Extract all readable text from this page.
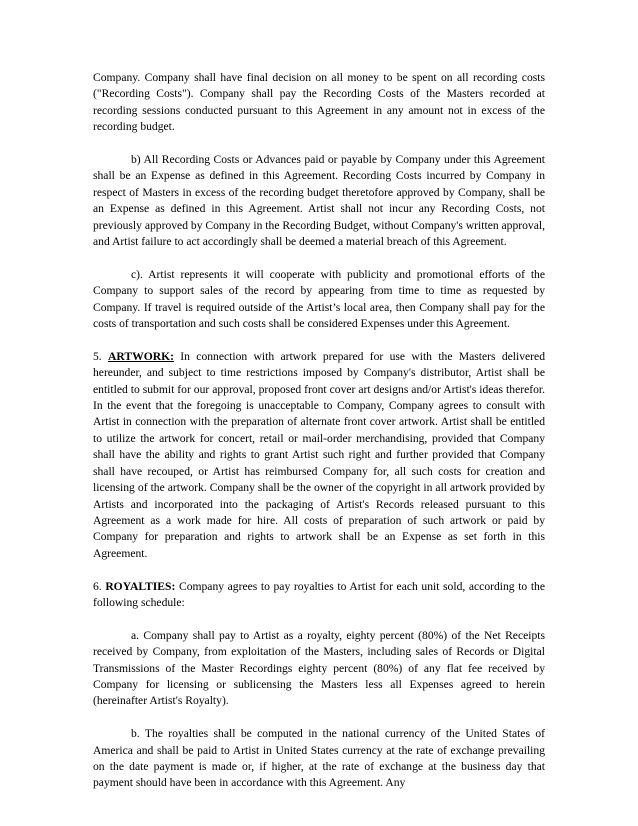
Company. Company shall have final decision on all money to be spent on all recording costs ("Recording Costs"). Company shall pay the Recording Costs of the Masters recorded at recording sessions conducted pursuant to this Agreement in any amount not in excess of the recording budget.

b) All Recording Costs or Advances paid or payable by Company under this Agreement shall be an Expense as defined in this Agreement. Recording Costs incurred by Company in respect of Masters in excess of the recording budget theretofore approved by Company, shall be an Expense as defined in this Agreement. Artist shall not incur any Recording Costs, not previously approved by Company in the Recording Budget, without Company's written approval, and Artist failure to act accordingly shall be deemed a material breach of this Agreement.

c). Artist represents it will cooperate with publicity and promotional efforts of the Company to support sales of the record by appearing from time to time as requested by Company. If travel is required outside of the Artist’s local area, then Company shall pay for the costs of transportation and such costs shall be considered Expenses under this Agreement.

5. ARTWORK: In connection with artwork prepared for use with the Masters delivered hereunder, and subject to time restrictions imposed by Company's distributor, Artist shall be entitled to submit for our approval, proposed front cover art designs and/or Artist's ideas therefor. In the event that the foregoing is unacceptable to Company, Company agrees to consult with Artist in connection with the preparation of alternate front cover artwork. Artist shall be entitled to utilize the artwork for concert, retail or mail-order merchandising, provided that Company shall have the ability and rights to grant Artist such right and further provided that Company shall have recouped, or Artist has reimbursed Company for, all such costs for creation and licensing of the artwork. Company shall be the owner of the copyright in all artwork provided by Artists and incorporated into the packaging of Artist's Records released pursuant to this Agreement as a work made for hire. All costs of preparation of such artwork or paid by Company for preparation and rights to artwork shall be an Expense as set forth in this Agreement.

6. ROYALTIES: Company agrees to pay royalties to Artist for each unit sold, according to the following schedule:

a. Company shall pay to Artist as a royalty, eighty percent (80%) of the Net Receipts received by Company, from exploitation of the Masters, including sales of Records or Digital Transmissions of the Master Recordings eighty percent (80%) of any flat fee received by Company for licensing or sublicensing the Masters less all Expenses agreed to herein (hereinafter Artist's Royalty).

b. The royalties shall be computed in the national currency of the United States of America and shall be paid to Artist in United States currency at the rate of exchange prevailing on the date payment is made or, if higher, at the rate of exchange at the business day that payment should have been in accordance with this Agreement. Any
